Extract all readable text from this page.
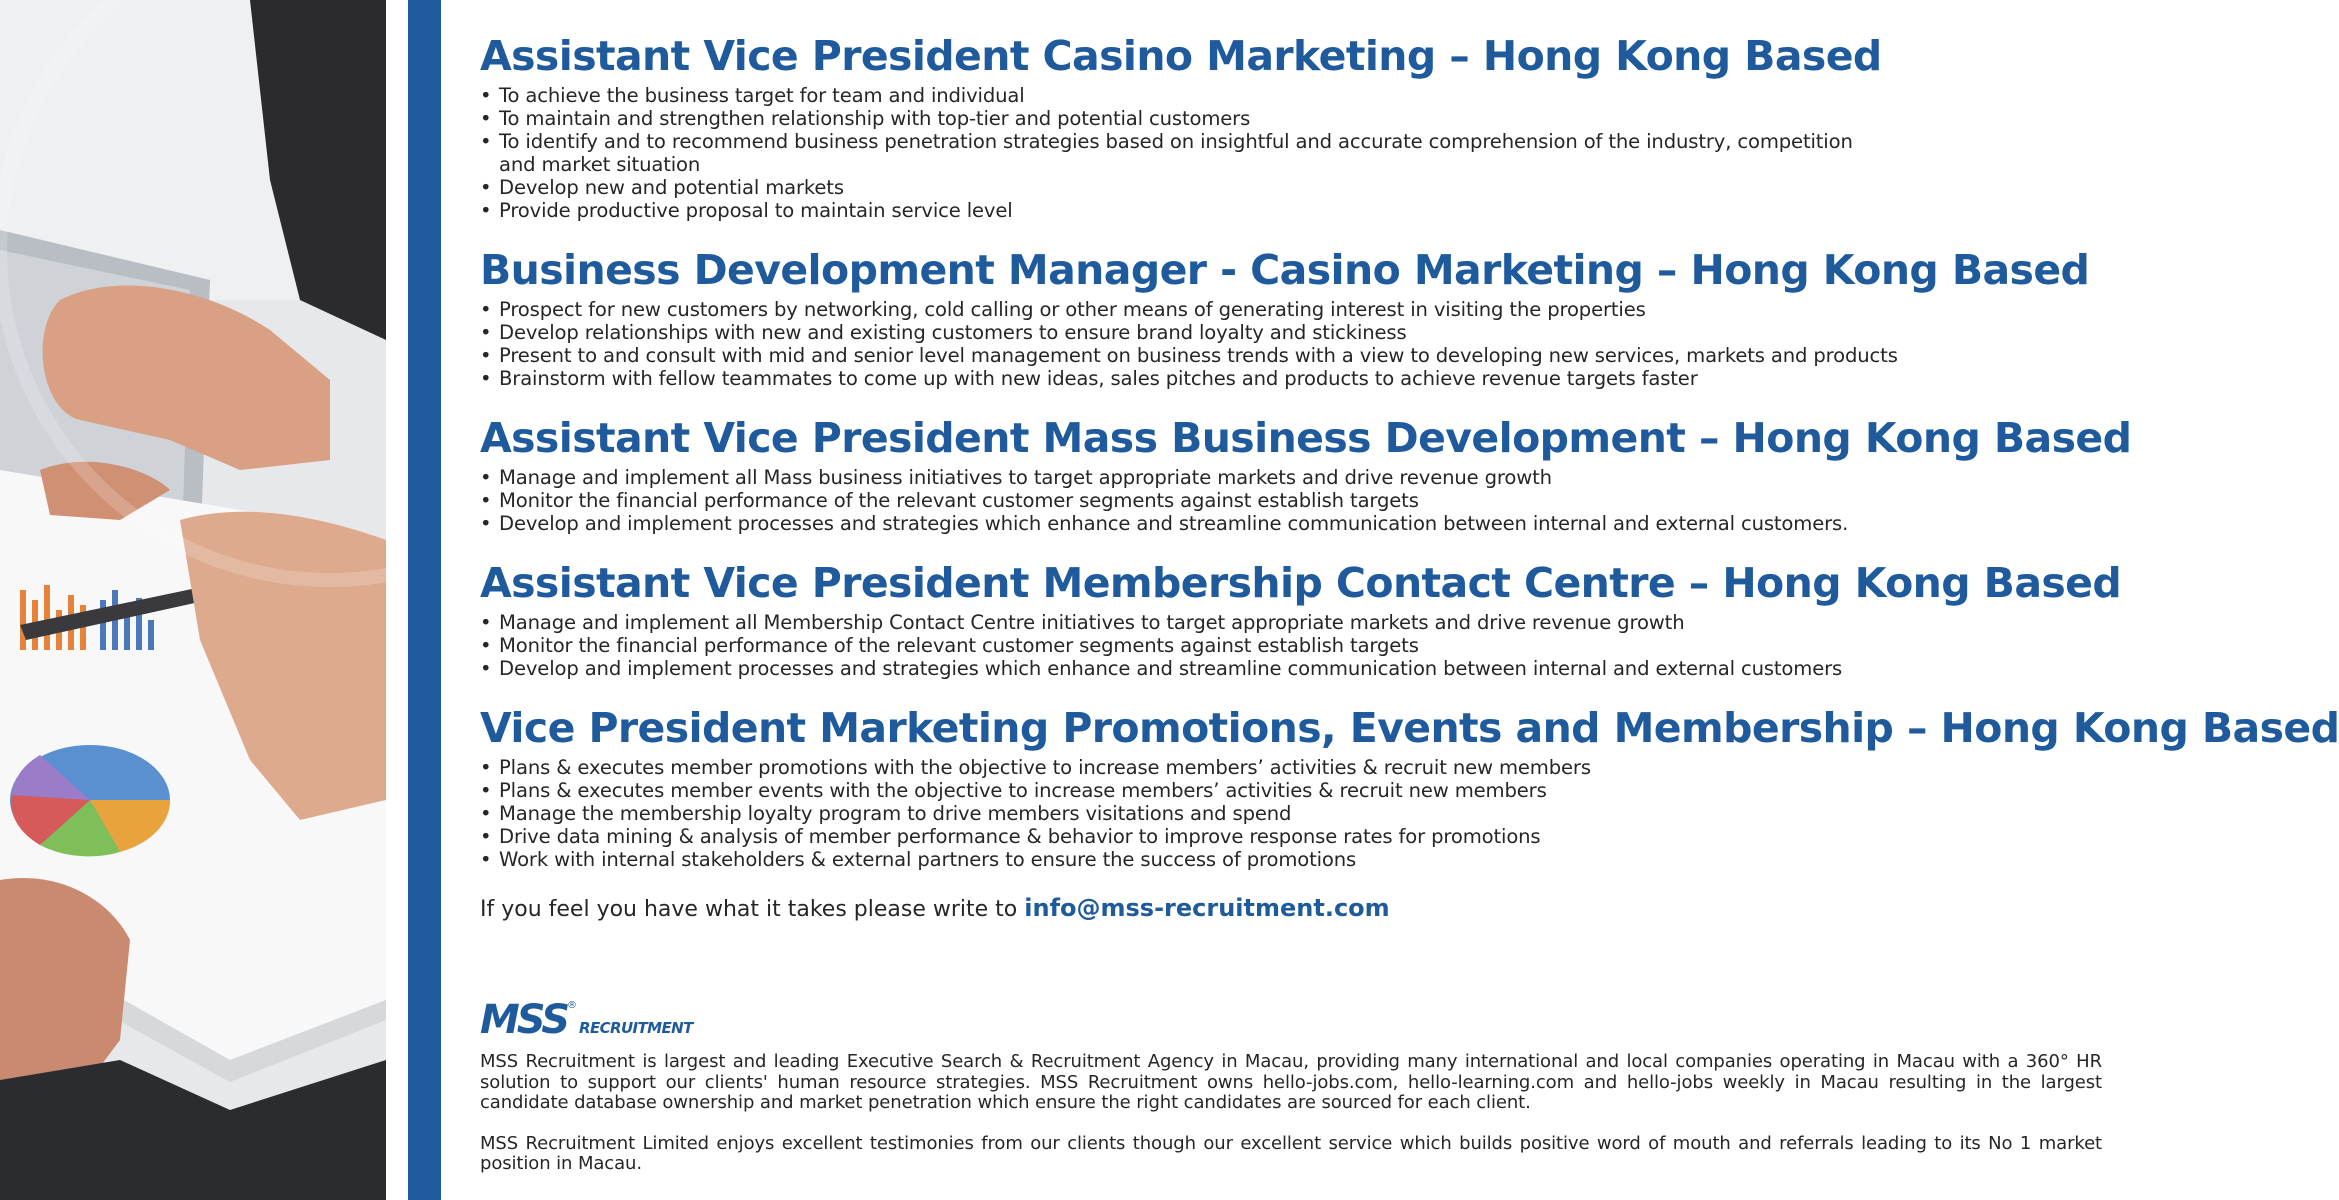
Assistant Vice President Casino Marketing – Hong Kong Based
• To achieve the business target for team and individual
• To maintain and strengthen relationship with top-tier and potential customers
• To identify and to recommend business penetration strategies based on insightful and accurate comprehension of the industry, competition and market situation
• Develop new and potential markets
• Provide productive proposal to maintain service level
Business Development Manager - Casino Marketing – Hong Kong Based
• Prospect for new customers by networking, cold calling or other means of generating interest in visiting the properties
• Develop relationships with new and existing customers to ensure brand loyalty and stickiness
• Present to and consult with mid and senior level management on business trends with a view to developing new services, markets and products
• Brainstorm with fellow teammates to come up with new ideas, sales pitches and products to achieve revenue targets faster
Assistant Vice President Mass Business Development – Hong Kong Based
• Manage and implement all Mass business initiatives to target appropriate markets and drive revenue growth
• Monitor the financial performance of the relevant customer segments against establish targets
• Develop and implement processes and strategies which enhance and streamline communication between internal and external customers.
Assistant Vice President Membership Contact Centre – Hong Kong Based
• Manage and implement all Membership Contact Centre initiatives to target appropriate markets and drive revenue growth
• Monitor the financial performance of the relevant customer segments against establish targets
• Develop and implement processes and strategies which enhance and streamline communication between internal and external customers
Vice President Marketing Promotions, Events and Membership – Hong Kong Based
• Plans & executes member promotions with the objective to increase members’ activities & recruit new members
• Plans & executes member events with the objective to increase members’ activities & recruit new members
• Manage the membership loyalty program to drive members visitations and spend
• Drive data mining & analysis of member performance & behavior to improve response rates for promotions
• Work with internal stakeholders & external partners to ensure the success of promotions
If you feel you have what it takes please write to info@mss-recruitment.com
MSS ®
RECRUITMENT

MSS Recruitment is largest and leading Executive Search & Recruitment Agency in Macau, providing many international and local companies operating in Macau with a 360° HR solution to support our clients' human resource strategies. MSS Recruitment owns hello-jobs.com, hello-learning.com and hello-jobs weekly in Macau resulting in the largest candidate database ownership and market penetration which ensure the right candidates are sourced for each client.

MSS Recruitment Limited enjoys excellent testimonies from our clients though our excellent service which builds positive word of mouth and referrals leading to its No 1 market position in Macau.
